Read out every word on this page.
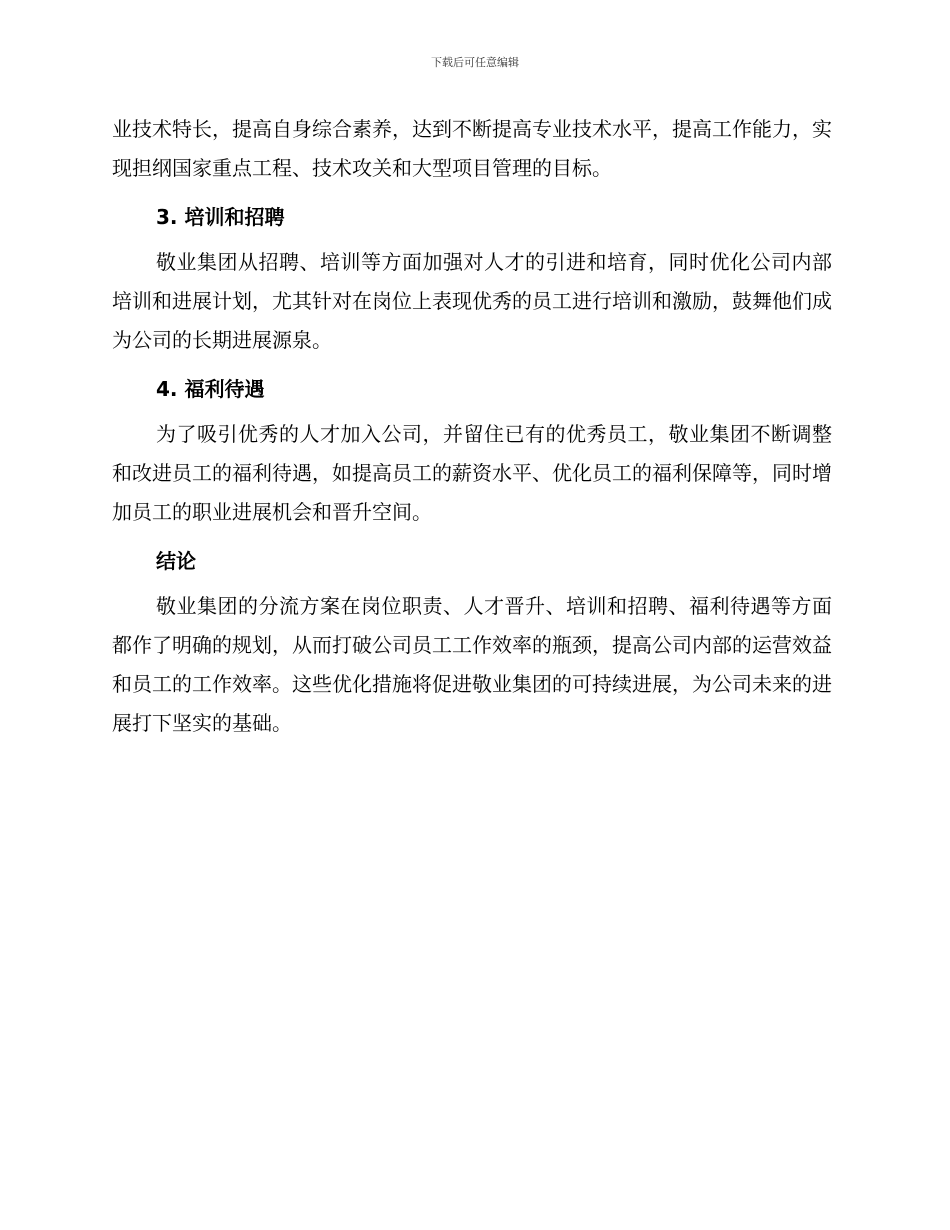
下载后可任意编辑

业技术特长，提高自身综合素养，达到不断提高专业技术水平，提高工作能力，实现担纲国家重点工程、技术攻关和大型项目管理的目标。

3. 培训和招聘

敬业集团从招聘、培训等方面加强对人才的引进和培育，同时优化公司内部培训和进展计划，尤其针对在岗位上表现优秀的员工进行培训和激励，鼓舞他们成为公司的长期进展源泉。

4. 福利待遇

为了吸引优秀的人才加入公司，并留住已有的优秀员工，敬业集团不断调整和改进员工的福利待遇，如提高员工的薪资水平、优化员工的福利保障等，同时增加员工的职业进展机会和晋升空间。

结论

敬业集团的分流方案在岗位职责、人才晋升、培训和招聘、福利待遇等方面都作了明确的规划，从而打破公司员工工作效率的瓶颈，提高公司内部的运营效益和员工的工作效率。这些优化措施将促进敬业集团的可持续进展，为公司未来的进展打下坚实的基础。
